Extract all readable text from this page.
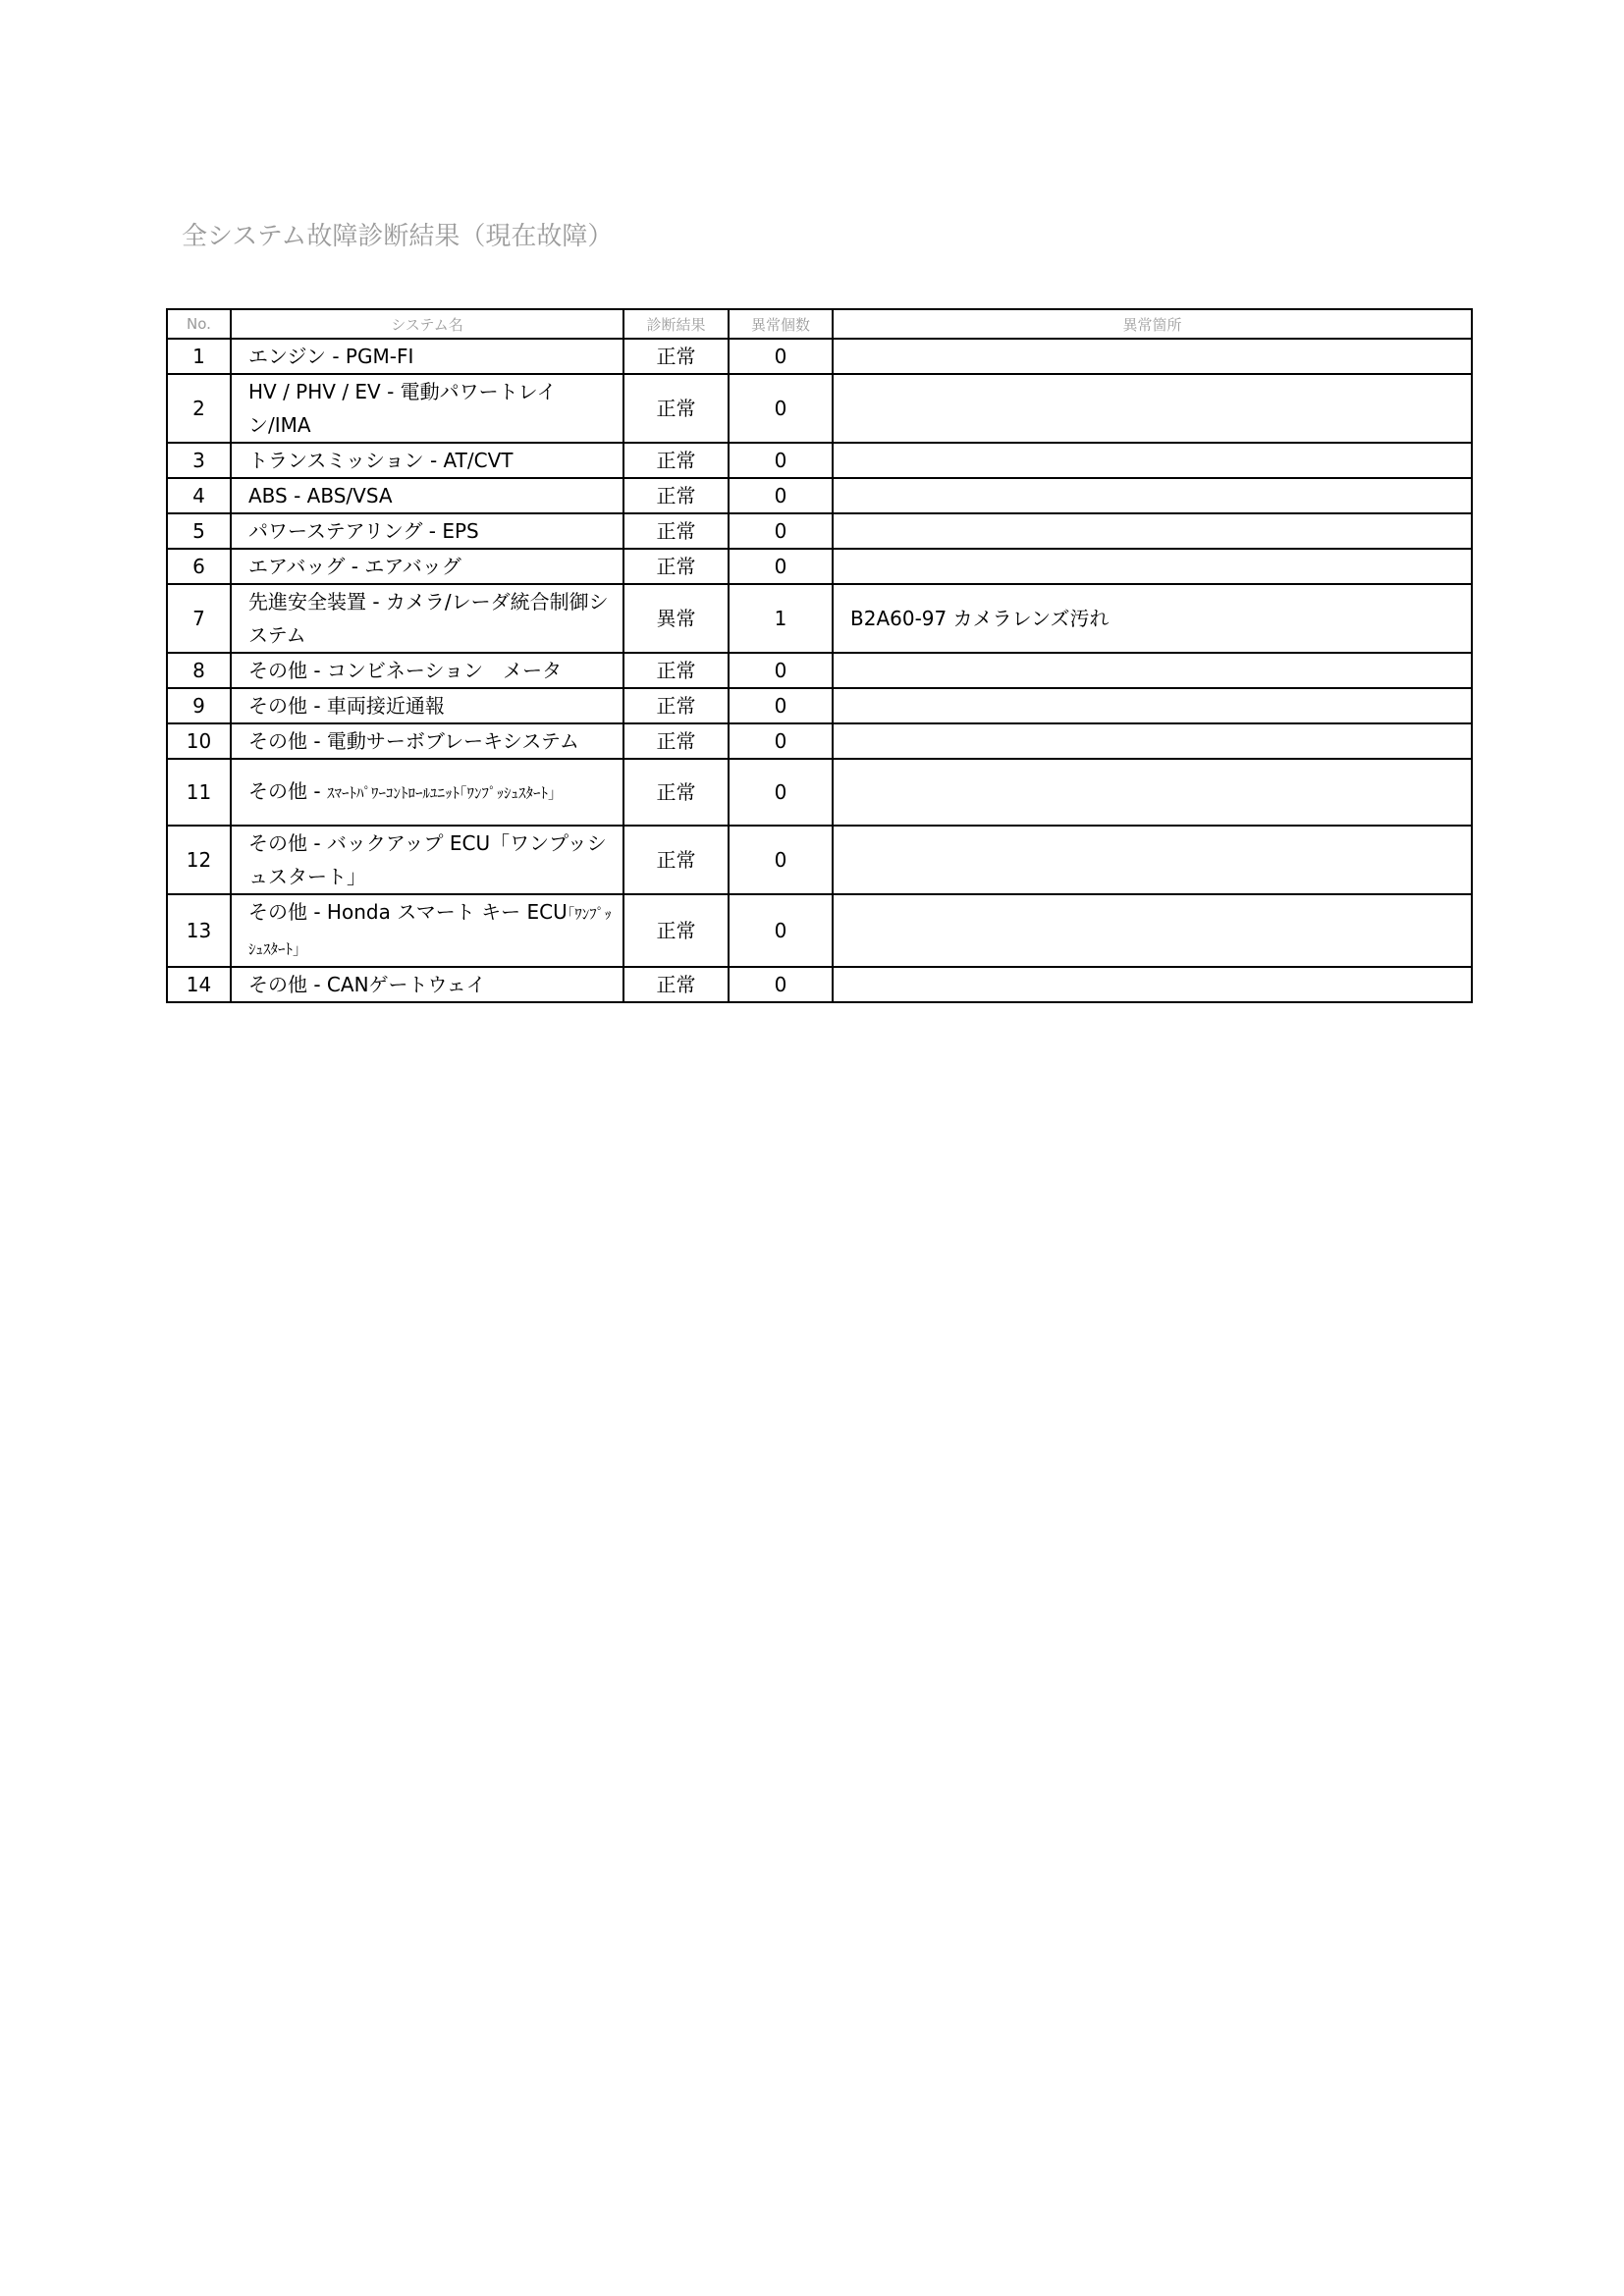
全システム故障診断結果（現在故障）
No.	システム名	診断結果	異常個数	異常箇所
1	エンジン - PGM-FI	正常	0	
2	HV / PHV / EV - 電動パワートレイン/IMA	正常	0	
3	トランスミッション - AT/CVT	正常	0	
4	ABS - ABS/VSA	正常	0	
5	パワーステアリング - EPS	正常	0	
6	エアバッグ - エアバッグ	正常	0	
7	先進安全装置 - カメラ/レーダ統合制御システム	異常	1	B2A60-97 カメラレンズ汚れ
8	その他 - コンビネーション　メータ	正常	0	
9	その他 - 車両接近通報	正常	0	
10	その他 - 電動サーボブレーキシステム	正常	0	
11	その他 - ｽﾏｰﾄﾊﾟﾜｰｺﾝﾄﾛｰﾙﾕﾆｯﾄ｢ﾜﾝﾌﾟｯｼｭｽﾀｰﾄ｣	正常	0	
12	その他 - バックアップ ECU「ワンプッシュスタート」	正常	0	
13	その他 - Honda スマート キー ECU｢ﾜﾝﾌﾟｯｼｭｽﾀｰﾄ｣	正常	0	
14	その他 - CANゲートウェイ	正常	0	
